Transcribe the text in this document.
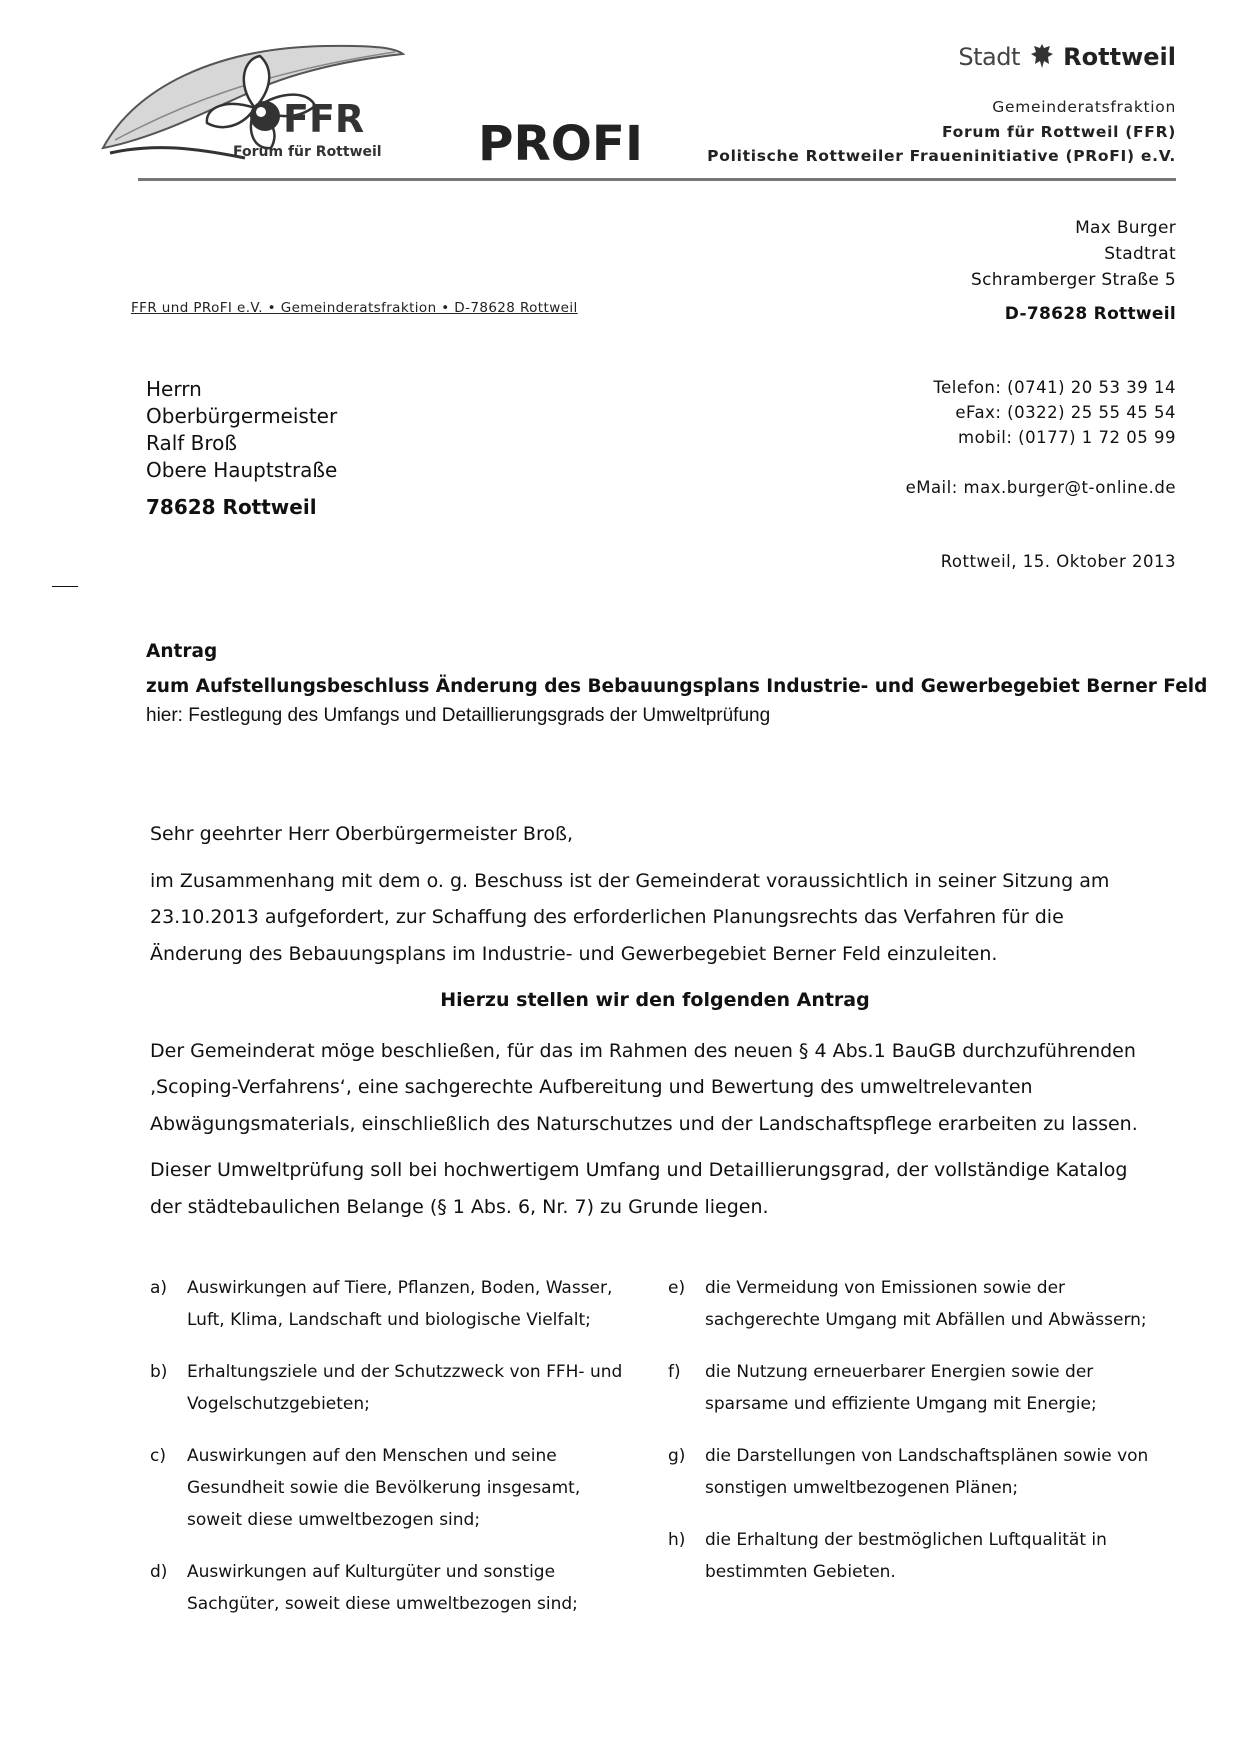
FFR
Forum für Rottweil PROFI
Stadt Rottweil
Gemeinderatsfraktion
Forum für Rottweil (FFR)
Politische Rottweiler Fraueninitiative (PRoFI) e.V.
Max Burger
Stadtrat
Schramberger Straße 5
D-78628 Rottweil
FFR und PRoFI e.V. • Gemeinderatsfraktion • D-78628 Rottweil
Herrn
Oberbürgermeister
Ralf Broß
Obere Hauptstraße
78628 Rottweil
Telefon: (0741) 20 53 39 14
eFax: (0322) 25 55 45 54
mobil: (0177) 1 72 05 99
eMail: max.burger@t-online.de
Rottweil, 15. Oktober 2013
Antrag
zum Aufstellungsbeschluss Änderung des Bebauungsplans Industrie- und Gewerbegebiet Berner Feld
hier: Festlegung des Umfangs und Detaillierungsgrads der Umweltprüfung

Sehr geehrter Herr Oberbürgermeister Broß,

im Zusammenhang mit dem o. g. Beschuss ist der Gemeinderat voraussichtlich in seiner Sitzung am 23.10.2013 aufgefordert, zur Schaffung des erforderlichen Planungsrechts das Verfahren für die Änderung des Bebauungsplans im Industrie- und Gewerbegebiet Berner Feld einzuleiten.

Hierzu stellen wir den folgenden Antrag

Der Gemeinderat möge beschließen, für das im Rahmen des neuen § 4 Abs.1 BauGB durchzuführenden ‚Scoping-Verfahrens‘, eine sachgerechte Aufbereitung und Bewertung des umweltrelevanten Abwägungsmaterials, einschließlich des Naturschutzes und der Landschaftspflege erarbeiten zu lassen.

Dieser Umweltprüfung soll bei hochwertigem Umfang und Detaillierungsgrad, der vollständige Katalog der städtebaulichen Belange (§ 1 Abs. 6, Nr. 7) zu Grunde liegen.

a)	Auswirkungen auf Tiere, Pflanzen, Boden, Wasser, Luft, Klima, Landschaft und biologische Vielfalt;
b)	Erhaltungsziele und der Schutzzweck von FFH- und Vogelschutzgebieten;
c)	Auswirkungen auf den Menschen und seine Gesundheit sowie die Bevölkerung insgesamt, soweit diese umweltbezogen sind;
d)	Auswirkungen auf Kulturgüter und sonstige Sachgüter, soweit diese umweltbezogen sind;
e)	die Vermeidung von Emissionen sowie der sachgerechte Umgang mit Abfällen und Abwässern;
f)	die Nutzung erneuerbarer Energien sowie der sparsame und effiziente Umgang mit Energie;
g)	die Darstellungen von Landschaftsplänen sowie von sonstigen umweltbezogenen Plänen;
h)	die Erhaltung der bestmöglichen Luftqualität in bestimmten Gebieten.
